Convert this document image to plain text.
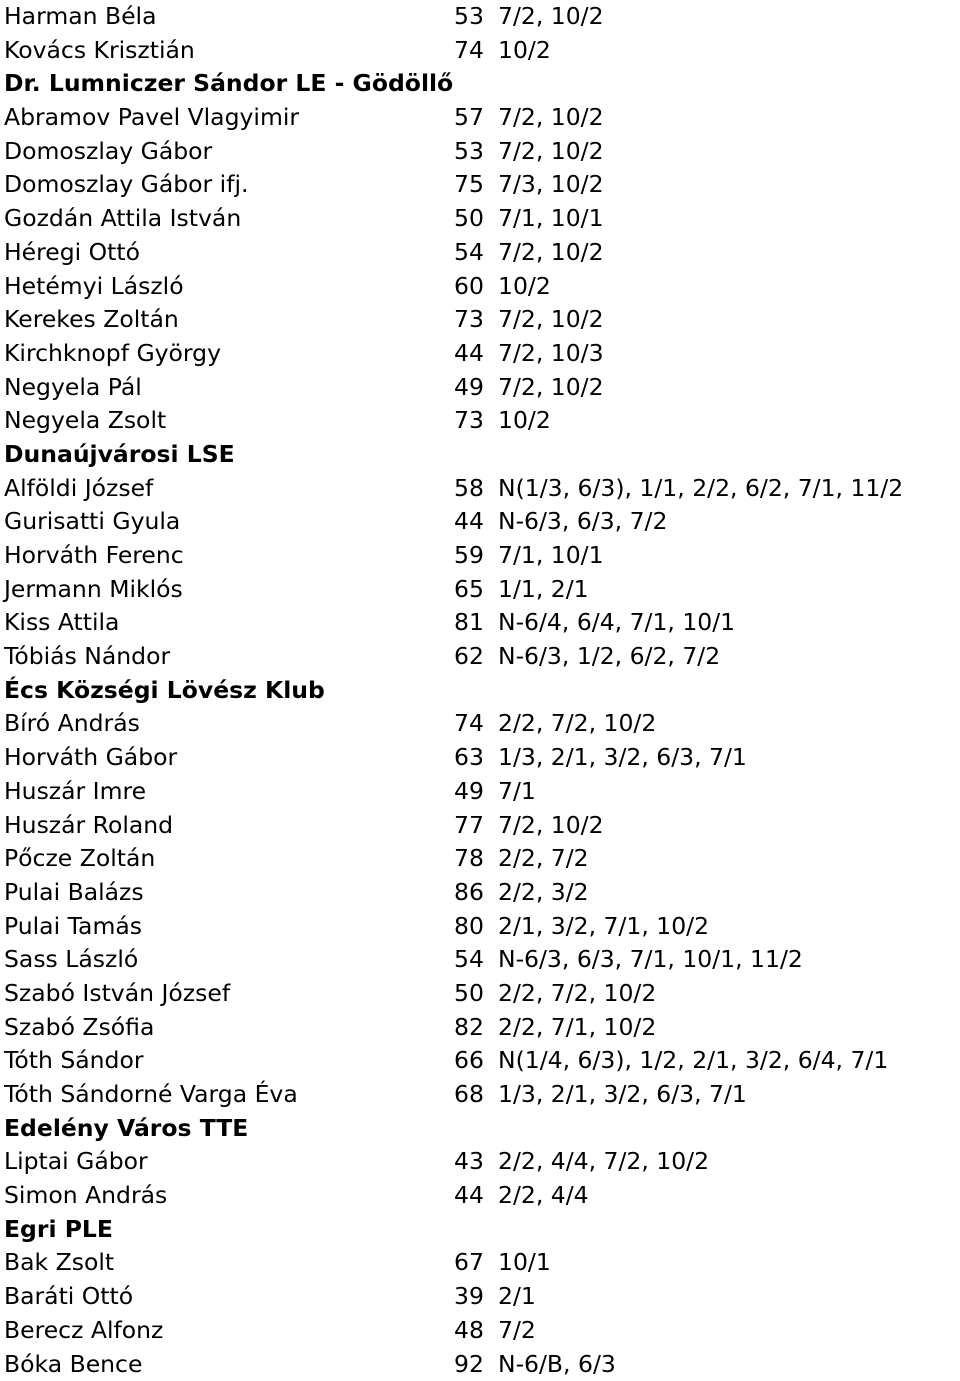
Harman Béla	53 7/2, 10/2
Kovács Krisztián	74 10/2
Dr. Lumniczer Sándor LE - Gödöllő
Abramov Pavel Vlagyimir	57 7/2, 10/2
Domoszlay Gábor	53 7/2, 10/2
Domoszlay Gábor ifj.	75 7/3, 10/2
Gozdán Attila István	50 7/1, 10/1
Héregi Ottó	54 7/2, 10/2
Hetémyi László	60 10/2
Kerekes Zoltán	73 7/2, 10/2
Kirchknopf György	44 7/2, 10/3
Negyela Pál	49 7/2, 10/2
Negyela Zsolt	73 10/2
Dunaújvárosi LSE
Alföldi József	58 N(1/3, 6/3), 1/1, 2/2, 6/2, 7/1, 11/2
Gurisatti Gyula	44 N-6/3, 6/3, 7/2
Horváth Ferenc	59 7/1, 10/1
Jermann Miklós	65 1/1, 2/1
Kiss Attila	81 N-6/4, 6/4, 7/1, 10/1
Tóbiás Nándor	62 N-6/3, 1/2, 6/2, 7/2
Écs Községi Lövész Klub
Bíró András	74 2/2, 7/2, 10/2
Horváth Gábor	63 1/3, 2/1, 3/2, 6/3, 7/1
Huszár Imre	49 7/1
Huszár Roland	77 7/2, 10/2
Pőcze Zoltán	78 2/2, 7/2
Pulai Balázs	86 2/2, 3/2
Pulai Tamás	80 2/1, 3/2, 7/1, 10/2
Sass László	54 N-6/3, 6/3, 7/1, 10/1, 11/2
Szabó István József	50 2/2, 7/2, 10/2
Szabó Zsófia	82 2/2, 7/1, 10/2
Tóth Sándor	66 N(1/4, 6/3), 1/2, 2/1, 3/2, 6/4, 7/1
Tóth Sándorné Varga Éva	68 1/3, 2/1, 3/2, 6/3, 7/1
Edelény Város TTE
Liptai Gábor	43 2/2, 4/4, 7/2, 10/2
Simon András	44 2/2, 4/4
Egri PLE
Bak Zsolt	67 10/1
Baráti Ottó	39 2/1
Berecz Alfonz	48 7/2
Bóka Bence	92 N-6/B, 6/3
